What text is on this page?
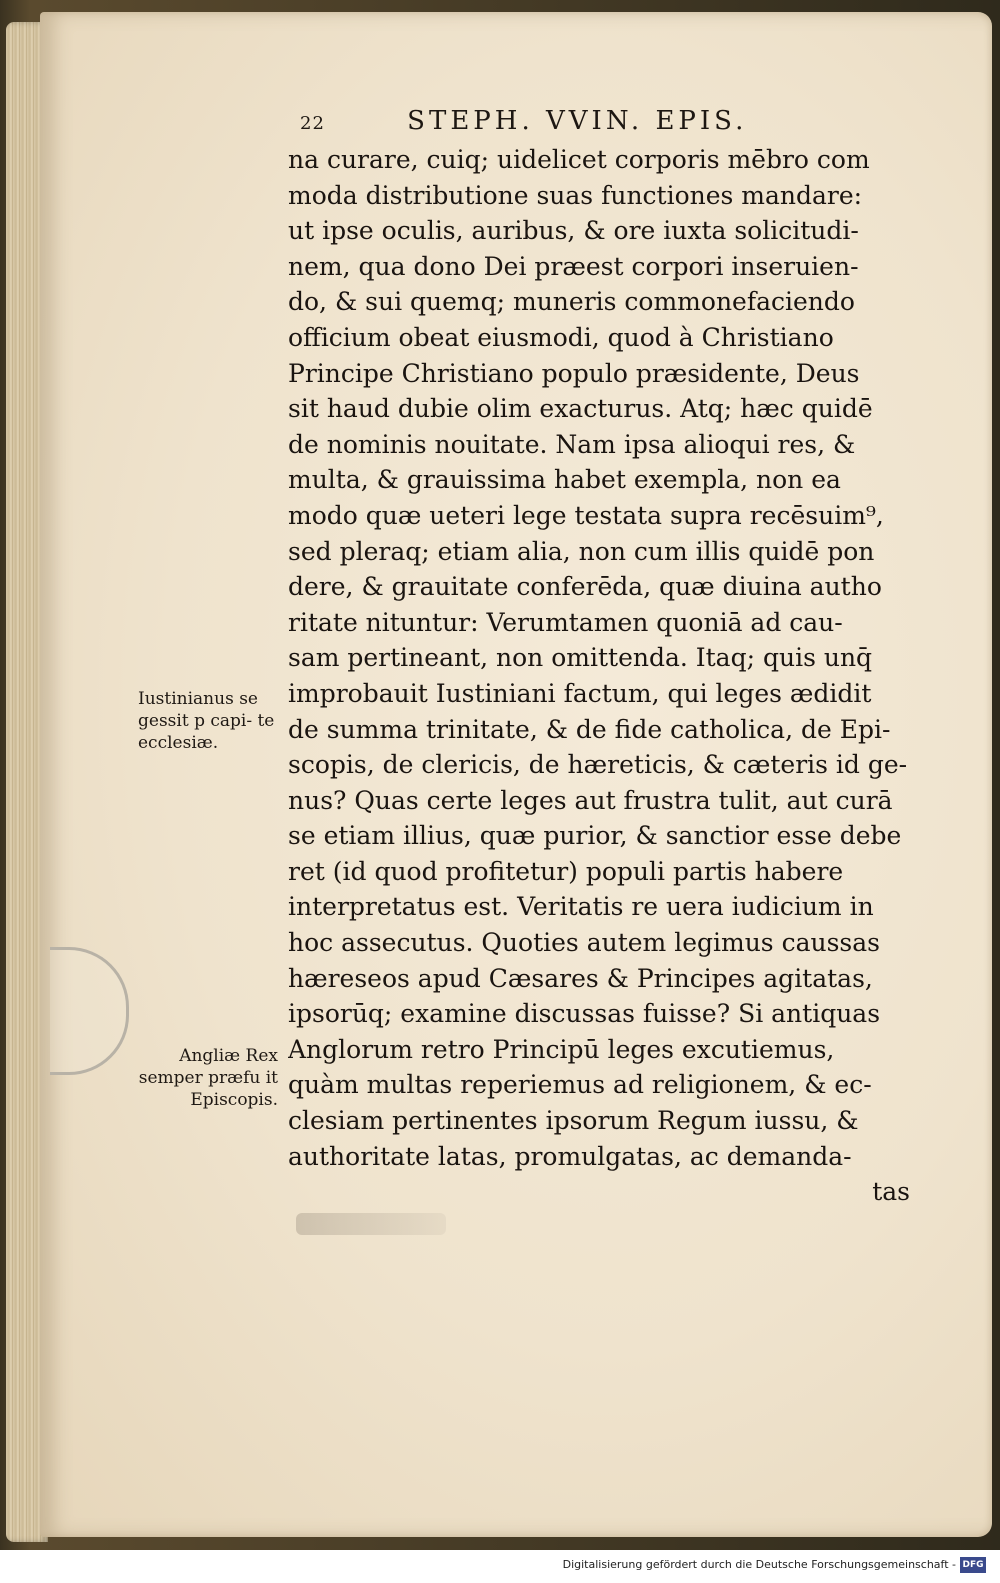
22	STEPH. VVIN. EPIS.
na curare, cuiq; uidelicet corporis mēbro com
moda distributione suas functiones mandare:
ut ipse oculis, auribus, & ore iuxta solicitudi-
nem, qua dono Dei præest corpori inseruien-
do, & sui quemq; muneris commonefaciendo
officium obeat eiusmodi, quod à Christiano
Principe Christiano populo præsidente, Deus
sit haud dubie olim exacturus. Atq; hæc quidē
de nominis nouitate. Nam ipsa alioqui res, &
multa, & grauissima habet exempla, non ea
modo quæ ueteri lege testata supra recēsuim⁹,
sed pleraq; etiam alia, non cum illis quidē pon
dere, & grauitate conferēda, quæ diuina autho
ritate nituntur: Verumtamen quoniā ad cau-
sam pertineant, non omittenda. Itaq; quis unq̄
improbauit Iustiniani factum, qui leges ædidit
de summa trinitate, & de fide catholica, de Epi-
scopis, de clericis, de hæreticis, & cæteris id ge-
nus? Quas certe leges aut frustra tulit, aut curā
se etiam illius, quæ purior, & sanctior esse debe
ret (id quod profitetur) populi partis habere
interpretatus est. Veritatis re uera iudicium in
hoc assecutus. Quoties autem legimus caussas
hæreseos apud Cæsares & Principes agitatas,
ipsorūq; examine discussas fuisse? Si antiquas
Anglorum retro Principū leges excutiemus,
quàm multas reperiemus ad religionem, & ec-
clesiam pertinentes ipsorum Regum iussu, &
authoritate latas, promulgatas, ac demanda-
tas
Iustinianus se gessit p capi- te ecclesiæ.
Angliæ Rex semper præfu it Episcopis.
Digitalisierung gefördert durch die Deutsche Forschungsgemeinschaft - DFG
